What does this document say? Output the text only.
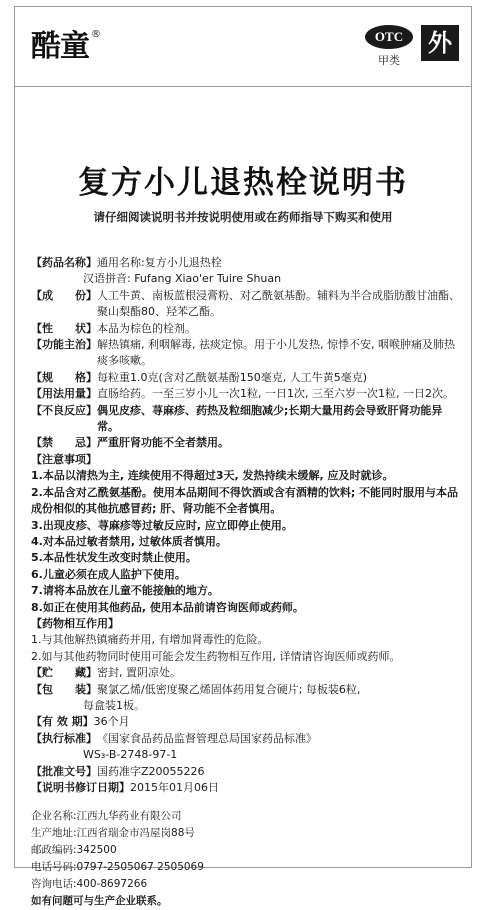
酷童 ®	OTC
甲类
外
复方小儿退热栓说明书
请仔细阅读说明书并按说明使用或在药师指导下购买和使用
【药品名称】 通用名称:复方小儿退热栓
汉语拼音: Fufang Xiao'er Tuire Shuan
【成　　份】 人工牛黄、南板蓝根浸膏粉、对乙酰氨基酚。辅料为半合成脂肪酸甘油酯、聚山梨酯80、羟苯乙酯。
【性　　状】 本品为棕色的栓剂。
【功能主治】 解热镇痛, 利咽解毒, 祛痰定惊。用于小儿发热, 惊悸不安, 咽喉肿痛及肺热痰多咳嗽。
【规　　格】 每粒重1.0克(含对乙酰氨基酚150毫克, 人工牛黄5毫克)
【用法用量】 直肠给药。一至三岁小儿一次1粒, 一日1次, 三至六岁一次1粒, 一日2次。
【不良反应】 偶见皮疹、荨麻疹、药热及粒细胞减少;长期大量用药会导致肝肾功能异常。
【禁　　忌】 严重肝肾功能不全者禁用。
【注意事项】
1.本品以清热为主, 连续使用不得超过3天, 发热持续未缓解, 应及时就诊。
2.本品含对乙酰氨基酚。使用本品期间不得饮酒或含有酒精的饮料; 不能同时服用与本品成份相似的其他抗感冒药; 肝、肾功能不全者慎用。
3.出现皮疹、荨麻疹等过敏反应时, 应立即停止使用。
4.对本品过敏者禁用, 过敏体质者慎用。
5.本品性状发生改变时禁止使用。
6.儿童必须在成人监护下使用。
7.请将本品放在儿童不能接触的地方。
8.如正在使用其他药品, 使用本品前请咨询医师或药师。
【药物相互作用】
1.与其他解热镇痛药并用, 有增加肾毒性的危险。
2.如与其他药物同时使用可能会发生药物相互作用, 详情请咨询医师或药师。
【贮　　藏】 密封, 置阴凉处。
【包　　装】 聚氯乙烯/低密度聚乙烯固体药用复合硬片; 每板装6粒,
每盒装1板。
【有 效 期】 36个月
【执行标准】 《国家食品药品监督管理总局国家药品标准》
WS₃-B-2748-97-1
【批准文号】 国药准字Z20055226
【说明书修订日期】 2015年01月06日
企业名称: 江西九华药业有限公司
生产地址: 江西省瑞金市冯屋岗88号
邮政编码: 342500
电话号码: 0797-2505067 2505069
咨询电话: 400-8697266
如有问题可与生产企业联系。
